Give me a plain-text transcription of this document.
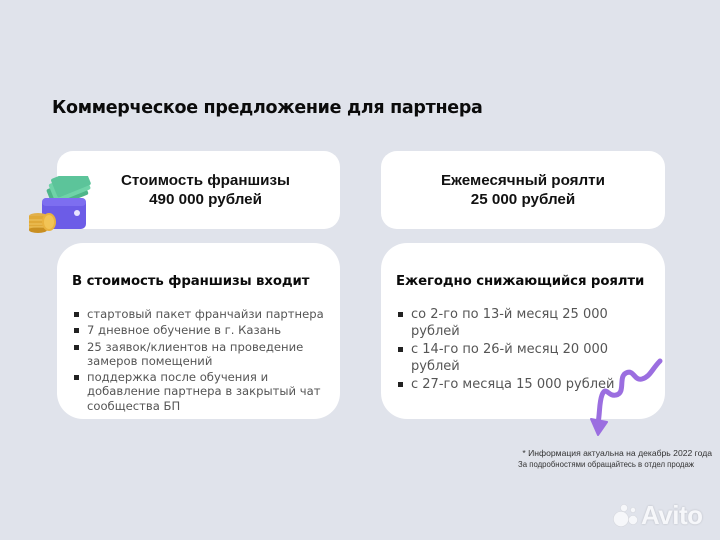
Коммерческое предложение для партнера
Стоимость франшизы
490 000 рублей
Ежемесячный роялти
25 000 рублей
В стоимость франшизы входит
стартовый пакет франчайзи партнера
7 дневное обучение в г. Казань
25 заявок/клиентов на проведение замеров помещений
поддержка после обучения и добавление партнера в закрытый чат сообщества БП
Ежегодно снижающийся роялти
со 2-го по 13-й месяц 25 000 рублей
с 14-го по 26-й месяц 20 000 рублей
с 27-го месяца 15 000 рублей
* Информация актуальна на декабрь 2022 года
За подробностями обращайтесь в отдел продаж
Avito
